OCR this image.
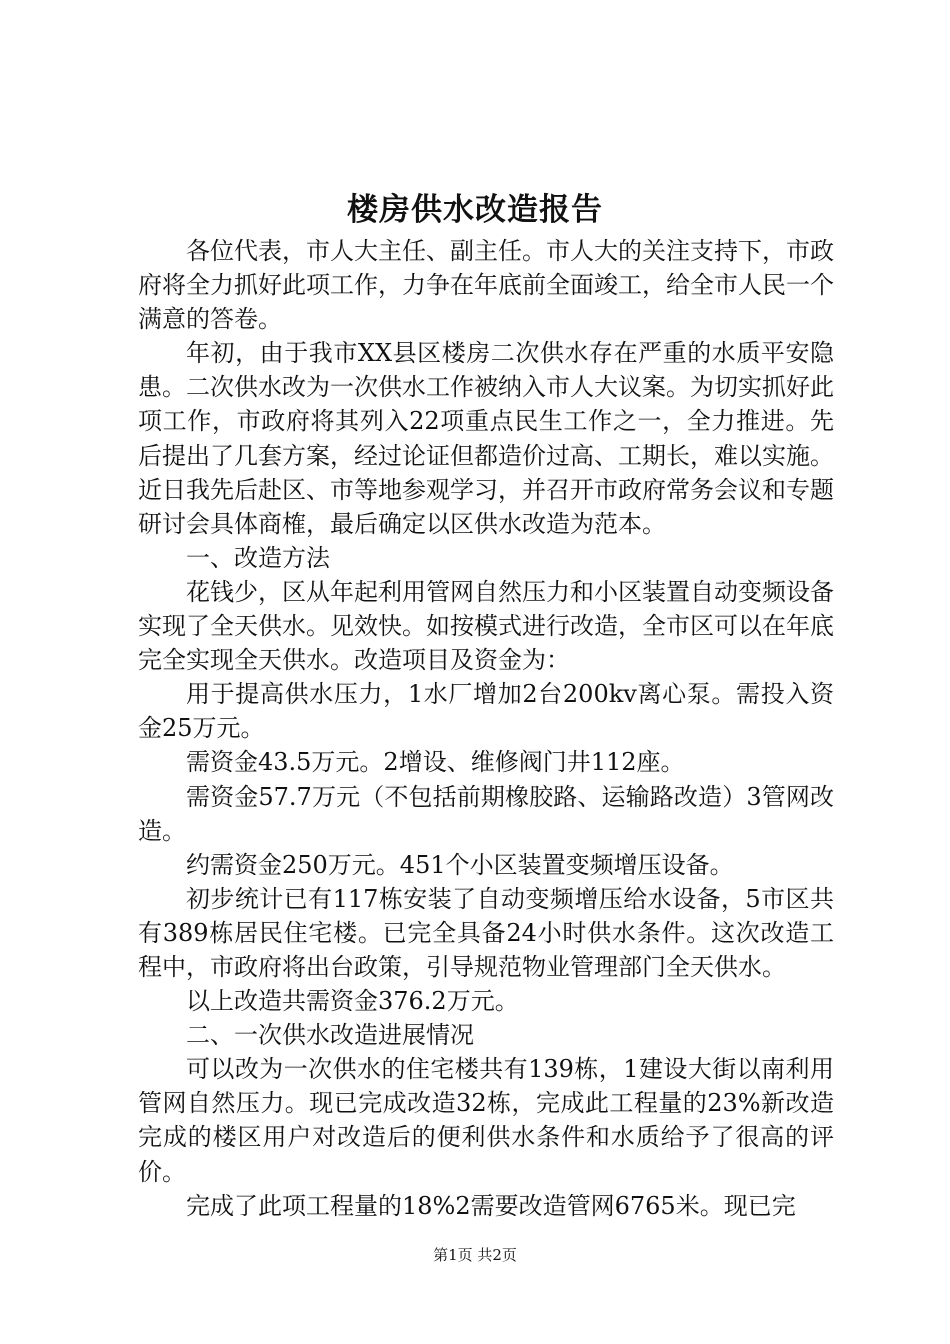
楼房供水改造报告

各位代表，市人大主任、副主任。市人大的关注支持下，市政府将全力抓好此项工作，力争在年底前全面竣工，给全市人民一个满意的答卷。

年初，由于我市XX县区楼房二次供水存在严重的水质平安隐患。二次供水改为一次供水工作被纳入市人大议案。为切实抓好此项工作，市政府将其列入22项重点民生工作之一，全力推进。先后提出了几套方案，经过论证但都造价过高、工期长，难以实施。近日我先后赴区、市等地参观学习，并召开市政府常务会议和专题研讨会具体商榷，最后确定以区供水改造为范本。

一、改造方法

花钱少，区从年起利用管网自然压力和小区装置自动变频设备实现了全天供水。见效快。如按模式进行改造，全市区可以在年底完全实现全天供水。改造项目及资金为：

用于提高供水压力，1水厂增加2台200kv离心泵。需投入资金25万元。

需资金43.5万元。2增设、维修阀门井112座。

需资金57.7万元（不包括前期橡胶路、运输路改造）3管网改造。

约需资金250万元。451个小区装置变频增压设备。

初步统计已有117栋安装了自动变频增压给水设备，5市区共有389栋居民住宅楼。已完全具备24小时供水条件。这次改造工程中，市政府将出台政策，引导规范物业管理部门全天供水。

以上改造共需资金376.2万元。

二、一次供水改造进展情况

可以改为一次供水的住宅楼共有139栋，1建设大街以南利用管网自然压力。现已完成改造32栋，完成此工程量的23%新改造完成的楼区用户对改造后的便利供水条件和水质给予了很高的评价。

完成了此项工程量的18%2需要改造管网6765米。现已完

第1页 共2页
